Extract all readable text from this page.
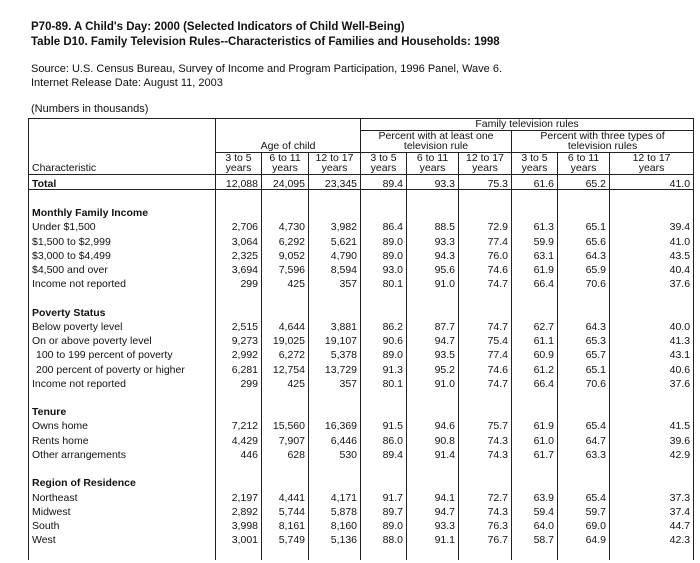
P70-89. A Child's Day: 2000 (Selected Indicators of Child Well-Being)
Table D10. Family Television Rules--Characteristics of Families and Households: 1998
Source: U.S. Census Bureau, Survey of Income and Program Participation, 1996 Panel, Wave 6.
Internet Release Date: August 11, 2003
(Numbers in thousands)
				Family television rules					
				Percent with at least one			Percent with three types of		
	Age of child			television rule			television rules		
	3 to 5	6 to 11	12 to 17	3 to 5	6 to 11	12 to 17	3 to 5	6 to 11	12 to 17
Characteristic	years	years	years	years	years	years	years	years	years
Total	12,088	24,095	23,345	89.4	93.3	75.3	61.6	65.2	41.0

Monthly Family Income									
Under $1,500	2,706	4,730	3,982	86.4	88.5	72.9	61.3	65.1	39.4
$1,500 to $2,999	3,064	6,292	5,621	89.0	93.3	77.4	59.9	65.6	41.0
$3,000 to $4,499	2,325	9,052	4,790	89.0	94.3	76.0	63.1	64.3	43.5
$4,500 and over	3,694	7,596	8,594	93.0	95.6	74.6	61.9	65.9	40.4
Income not reported	299	425	357	80.1	91.0	74.7	66.4	70.6	37.6

Poverty Status									
Below poverty level	2,515	4,644	3,881	86.2	87.7	74.7	62.7	64.3	40.0
On or above poverty level	9,273	19,025	19,107	90.6	94.7	75.4	61.1	65.3	41.3
100 to 199 percent of poverty	2,992	6,272	5,378	89.0	93.5	77.4	60.9	65.7	43.1
200 percent of poverty or higher	6,281	12,754	13,729	91.3	95.2	74.6	61.2	65.1	40.6
Income not reported	299	425	357	80.1	91.0	74.7	66.4	70.6	37.6

Tenure									
Owns home	7,212	15,560	16,369	91.5	94.6	75.7	61.9	65.4	41.5
Rents home	4,429	7,907	6,446	86.0	90.8	74.3	61.0	64.7	39.6
Other arrangements	446	628	530	89.4	91.4	74.3	61.7	63.3	42.9

Region of Residence									
Northeast	2,197	4,441	4,171	91.7	94.1	72.7	63.9	65.4	37.3
Midwest	2,892	5,744	5,878	89.7	94.7	74.3	59.4	59.7	37.4
South	3,998	8,161	8,160	89.0	93.3	76.3	64.0	69.0	44.7
West	3,001	5,749	5,136	88.0	91.1	76.7	58.7	64.9	42.3
